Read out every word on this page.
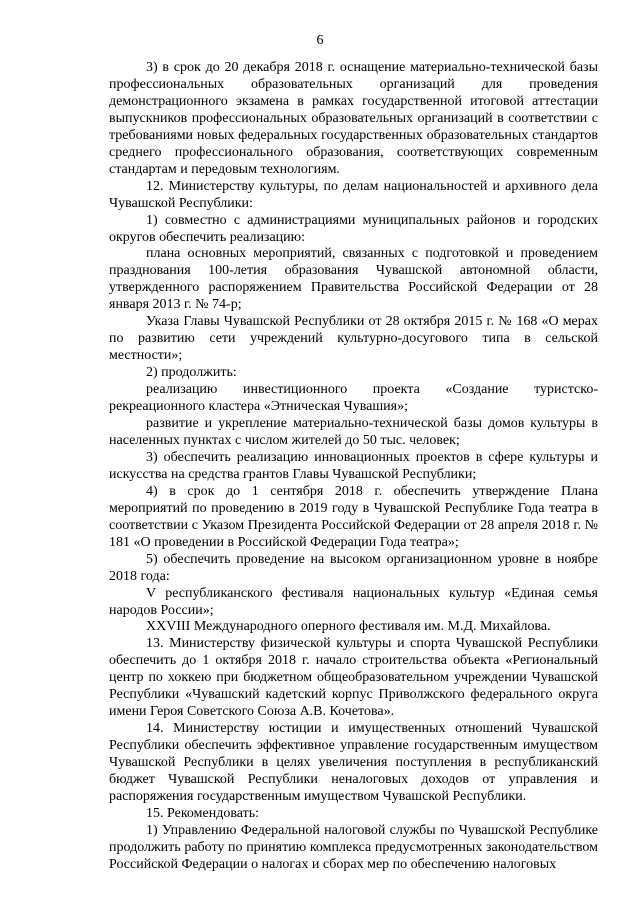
6

3) в срок до 20 декабря 2018 г. оснащение материально-технической базы профессиональных образовательных организаций для проведения демонстрационного экзамена в рамках государственной итоговой аттестации выпускников профессиональных образовательных организаций в соответствии с требованиями новых федеральных государственных образовательных стандартов среднего профессионального образования, соответствующих современным стандартам и передовым технологиям.

12. Министерству культуры, по делам национальностей и архивного дела Чувашской Республики:

1) совместно с администрациями муниципальных районов и городских округов обеспечить реализацию:

плана основных мероприятий, связанных с подготовкой и проведением празднования 100-летия образования Чувашской автономной области, утвержденного распоряжением Правительства Российской Федерации от 28 января 2013 г. № 74-р;

Указа Главы Чувашской Республики от 28 октября 2015 г. № 168 «О мерах по развитию сети учреждений культурно-досугового типа в сельской местности»;

2) продолжить:

реализацию инвестиционного проекта «Создание туристско-рекреационного кластера «Этническая Чувашия»;

развитие и укрепление материально-технической базы домов культуры в населенных пунктах с числом жителей до 50 тыс. человек;

3) обеспечить реализацию инновационных проектов в сфере культуры и искусства на средства грантов Главы Чувашской Республики;

4) в срок до 1 сентября 2018 г. обеспечить утверждение Плана мероприятий по проведению в 2019 году в Чувашской Республике Года театра в соответствии с Указом Президента Российской Федерации от 28 апреля 2018 г. № 181 «О проведении в Российской Федерации Года театра»;

5) обеспечить проведение на высоком организационном уровне в ноябре 2018 года:

V республиканского фестиваля национальных культур «Единая семья народов России»;

XXVIII Международного оперного фестиваля им. М.Д. Михайлова.

13. Министерству физической культуры и спорта Чувашской Республики обеспечить до 1 октября 2018 г. начало строительства объекта «Региональный центр по хоккею при бюджетном общеобразовательном учреждении Чувашской Республики «Чувашский кадетский корпус Приволжского федерального округа имени Героя Советского Союза А.В. Кочетова».

14. Министерству юстиции и имущественных отношений Чувашской Республики обеспечить эффективное управление государственным имуществом Чувашской Республики в целях увеличения поступления в республиканский бюджет Чувашской Республики неналоговых доходов от управления и распоряжения государственным имуществом Чувашской Республики.

15. Рекомендовать:

1) Управлению Федеральной налоговой службы по Чувашской Республике продолжить работу по принятию комплекса предусмотренных законодательством Российской Федерации о налогах и сборах мер по обеспечению налоговых
